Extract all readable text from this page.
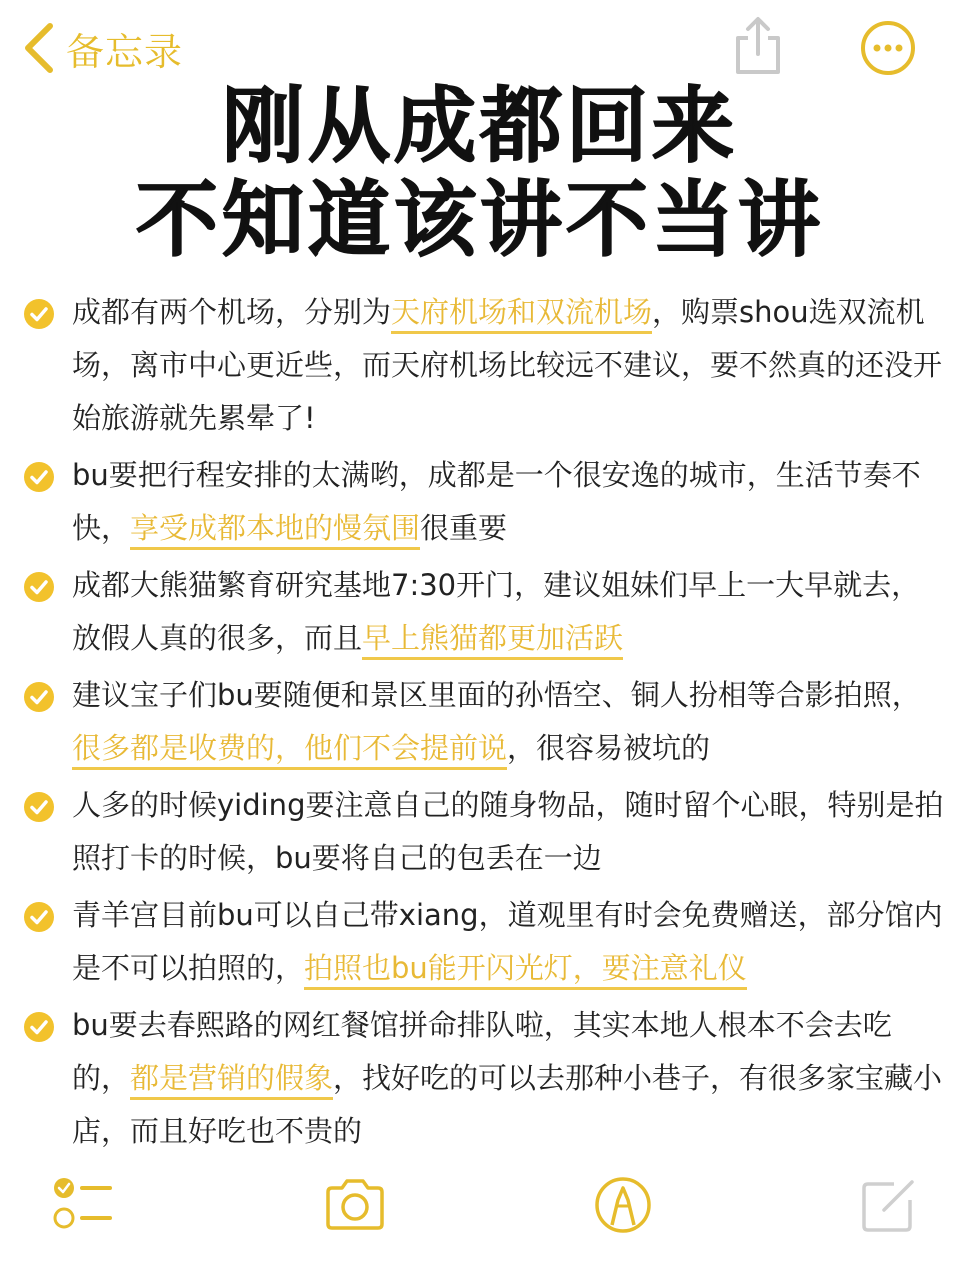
备忘录
刚从成都回来
不知道该讲不当讲
成都有两个机场，分别为天府机场和双流机场，购票shou选双流机场，离市中心更近些，而天府机场比较远不建议，要不然真的还没开始旅游就先累晕了!
bu要把行程安排的太满哟，成都是一个很安逸的城市，生活节奏不快，享受成都本地的慢氛围很重要
成都大熊猫繁育研究基地7:30开门，建议姐妹们早上一大早就去，放假人真的很多，而且早上熊猫都更加活跃
建议宝子们bu要随便和景区里面的孙悟空、铜人扮相等合影拍照，很多都是收费的，他们不会提前说，很容易被坑的
人多的时候yiding要注意自己的随身物品，随时留个心眼，特别是拍照打卡的时候，bu要将自己的包丢在一边
青羊宫目前bu可以自己带xiang，道观里有时会免费赠送，部分馆内是不可以拍照的，拍照也bu能开闪光灯，要注意礼仪
bu要去春熙路的网红餐馆拼命排队啦，其实本地人根本不会去吃的，都是营销的假象，找好吃的可以去那种小巷子，有很多家宝藏小店，而且好吃也不贵的
